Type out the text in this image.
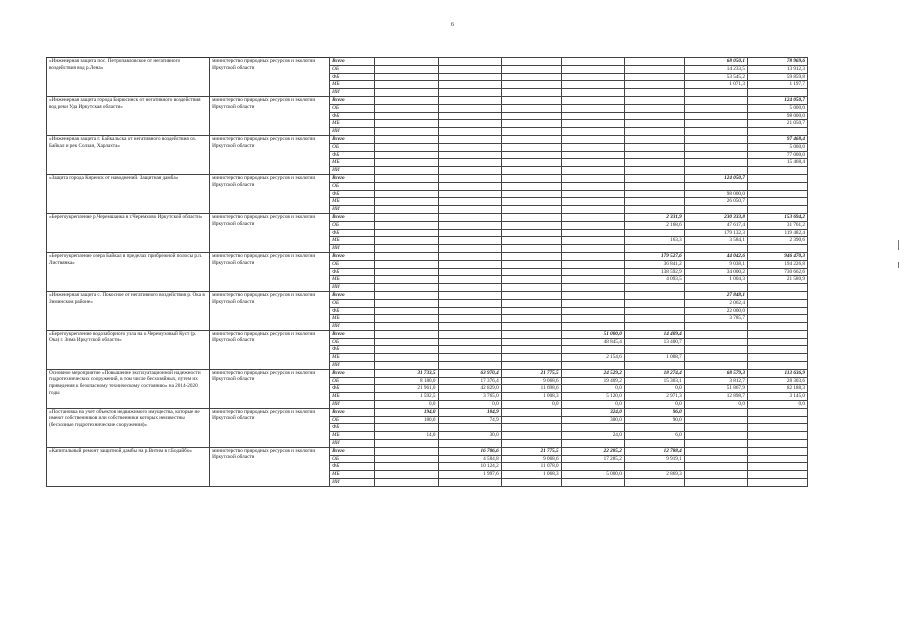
6
«Инженерная защита пос. Петропавловское от негативного воздействия вод р.Лена»	министерство природных ресурсов и экологии Иркутской области	Всего						68 050,1	78 969,6
		ОБ						14 233,5	13 912,3
		ФБ						53 545,2	59 859,8
		МБ						1 071,3	1 197,7
		ИИ							
«Инженерная защита города Бирюсинск от негативного воздействия вод реки Уда Иркутская области»	министерство природных ресурсов и экологии Иркутской области	Всего							124 050,7
		ОБ							5 000,0
		ФБ							98 000,0
		МБ							21 050,7
		ИИ							
«Инженерная защита г. Байкальска от негативного воздействия оз. Байкал и рек Солзан, Харлахта»	министерство природных ресурсов и экологии Иркутской области	Всего							97 468,4
		ОБ							5 000,0
		ФБ							77 000,0
		МБ							15 468,4
		ИИ							
«Защита города Киренск от наводнений. Защитная дамба»	министерство природных ресурсов и экологии Иркутской области	Всего						124 050,7	
		ОБ							
		ФБ						98 000,0	
		МБ						26 050,7	
		ИИ							
«Берегоукрепление р.Черемшанка в г.Черемхово Иркутской области»	министерство природных ресурсов и экологии Иркутской области	Всего					2 331,9	230 333,8	153 694,2
		ОБ					2 168,6	47 617,4	31 761,2
		ФБ						179 132,3	119 482,4
		МБ					163,3	3 584,1	2 390,6
		ИИ							
«Берегоукрепление озера Байкал в пределах прибрежной полосы р.п. Листвянка»	министерство природных ресурсов и экологии Иркутской области	Всего					179 527,6	44 042,6	946 470,3
		ОБ					36 841,2	9 038,1	194 226,8
		ФБ					138 592,9	34 000,2	730 662,6
		МБ					4 093,5	1 004,3	21 580,9
		ИИ							
«Инженерная защита с. Покосное от негативного воздействия р. Ока в Зиминском районе»	министерство природных ресурсов и экологии Иркутской области	Всего						27 848,1	
		ОБ						2 062,4	
		ФБ						22 000,0	
		МБ						3 785,7	
		ИИ							
«Берегоукрепление водозаборного узла на о.Черемуховый Куст (р. Ока) г. Зима Иркутской области»	министерство природных ресурсов и экологии Иркутской области	Всего				51 000,0	14 409,4		
		ОБ				48 845,4	13 400,7		
		ФБ							
		МБ				2 154,6	1 008,7		
		ИИ							
Основное мероприятие «Повышение эксплуатационной надежности гидротехнических сооружений, в том числе бесхозяйных, путем их приведения к безопасному техническому состоянию» на 2014-2020 годы	министерство природных ресурсов и экологии Иркутской области	Всего	31 733,5	63 970,4	21 775,5	24 529,2	18 274,4	68 579,3	113 636,9
		ОБ	8 180,0	17 376,4	9 068,6	19 409,2	15 303,1	3 812,7	28 303,6
		ФБ	21 961,0	42 829,0	11 698,6	0,0	0,0	51 867,9	82 188,3
		МБ	1 592,5	3 765,0	1 008,3	5 120,0	2 971,3	12 898,7	3 145,0
		ИИ	0,0	0,0	0,0	0,0	0,0	0,0	0,0
«Постановка на учет объектов недвижимого имущества, которые не имеют собственников или собственники которых неизвестны (бесхозные гидротехнические сооружения)»	министерство природных ресурсов и экологии Иркутской области	Всего	194,0	104,9		324,0	96,0		
		ОБ	180,0	74,9		300,0	90,0		
		ФБ							
		МБ	14,0	30,0		24,0	6,0		
		ИИ							
«Капитальный ремонт защитной дамбы на р.Витим в г.Бодайбо»	министерство природных ресурсов и экологии Иркутской области	Всего		16 706,6	21 775,5	22 285,2	12 788,4		
		ОБ		4 584,8	9 068,6	17 285,2	9 919,1		
		ФБ		10 124,2	11 078,0				
		МБ		1 997,6	1 068,3	5 000,0	2 869,3		
		ИИ							
